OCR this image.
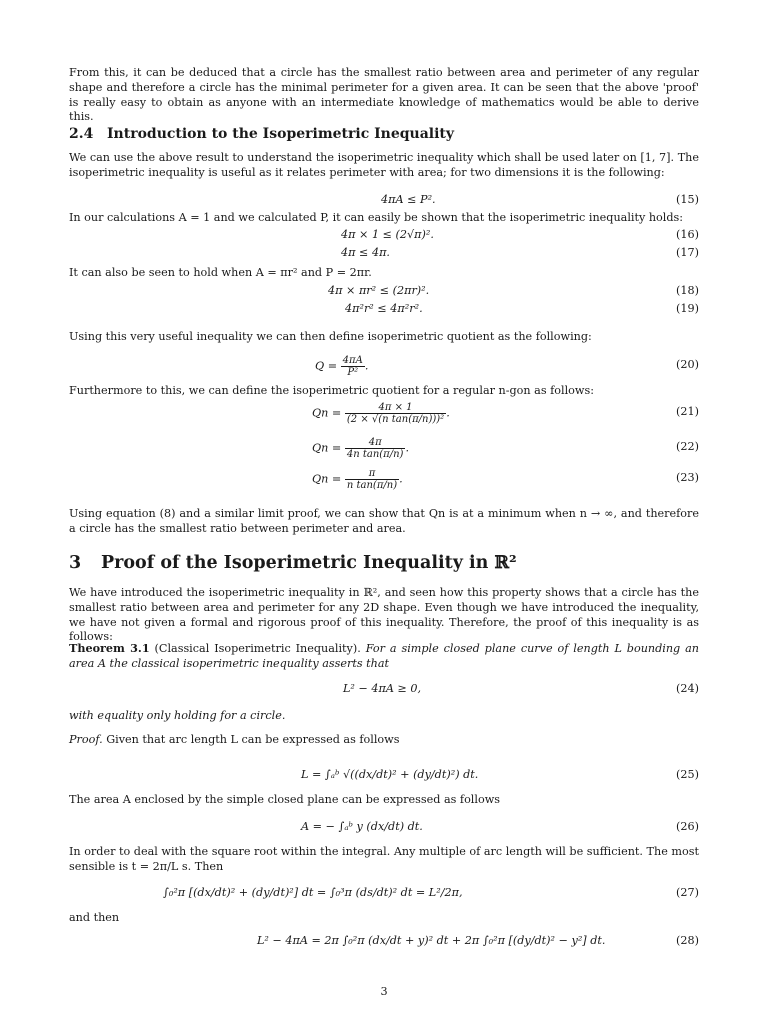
From this, it can be deduced that a circle has the smallest ratio between area and perimeter of any regular shape and therefore a circle has the minimal perimeter for a given area. It can be seen that the above 'proof' is really easy to obtain as anyone with an intermediate knowledge of mathematics would be able to derive this.

2.4 Introduction to the Isoperimetric Inequality

We can use the above result to understand the isoperimetric inequality which shall be used later on [1, 7]. The isoperimetric inequality is useful as it relates perimeter with area; for two dimensions it is the following:

4πA ≤ P².	(15)

In our calculations A = 1 and we calculated P, it can easily be shown that the isoperimetric inequality holds:

4π × 1 ≤ (2√π)².	(16)
4π ≤ 4π.	(17)

It can also be seen to hold when A = πr² and P = 2πr.

4π × πr² ≤ (2πr)².	(18)
4π²r² ≤ 4π²r².	(19)

Using this very useful inequality we can then define isoperimetric quotient as the following:

$Q = \frac{4\pi A}{\text{P²}}$ .	(20)

Furthermore to this, we can define the isoperimetric quotient for a regular n-gon as follows:

$Qn = \frac{4\pi \times 1}{\text{(2 × √(n tan(π/n)))²}}$ .	(21)
$Qn = \frac{4\pi}{\text{4n tan(π/n)}}$ .	(22)
$Qn = \frac{\pi}{\text{n tan(π/n)}}$ .	(23)

Using equation (8) and a similar limit proof, we can show that Qn is at a minimum when n → ∞, and therefore a circle has the smallest ratio between perimeter and area.

3 Proof of the Isoperimetric Inequality in ℝ²

We have introduced the isoperimetric inequality in ℝ², and seen how this property shows that a circle has the smallest ratio between area and perimeter for any 2D shape. Even though we have introduced the inequality, we have not given a formal and rigorous proof of this inequality. Therefore, the proof of this inequality is as follows:

Theorem 3.1 (Classical Isoperimetric Inequality). For a simple closed plane curve of length L bounding an area A the classical isoperimetric inequality asserts that

L² − 4πA ≥ 0,	(24)

with equality only holding for a circle.

Proof. Given that arc length L can be expressed as follows

L = ∫ₐᵇ √((dx/dt)² + (dy/dt)²) dt.	(25)

The area A enclosed by the simple closed plane can be expressed as follows

A = − ∫ₐᵇ y (dx/dt) dt.	(26)

In order to deal with the square root within the integral. Any multiple of arc length will be sufficient. The most sensible is t = 2π/L s. Then

∫₀²π [(dx/dt)² + (dy/dt)²] dt = ∫₀³π (ds/dt)² dt = L²/2π,	(27)

and then

L² − 4πA = 2π ∫₀²π (dx/dt + y)² dt + 2π ∫₀²π [(dy/dt)² − y²] dt.	(28)
3
